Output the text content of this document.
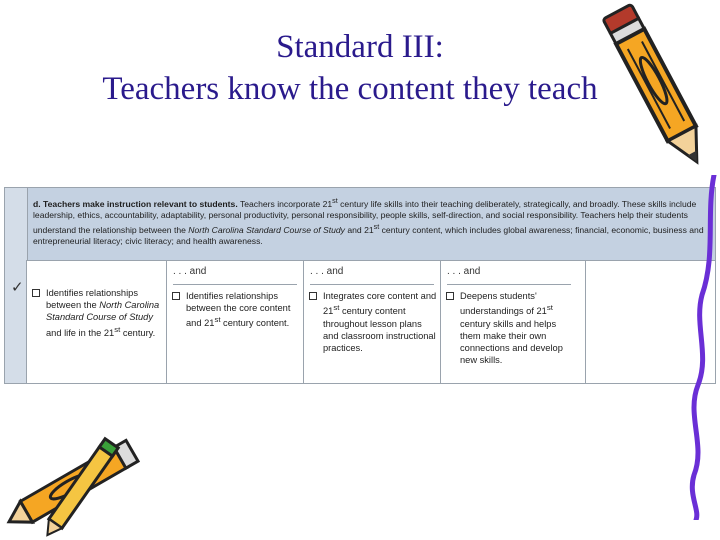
Standard III:
Teachers know the content they teach

d. Teachers make instruction relevant to students. Teachers incorporate 21st century life skills into their teaching deliberately, strategically, and broadly. These skills include leadership, ethics, accountability, adaptability, personal productivity, personal responsibility, people skills, self-direction, and social responsibility. Teachers help their students understand the relationship between the North Carolina Standard Course of Study and 21st century content, which includes global awareness; financial, economic, business and entrepreneurial literacy; civic literacy; and health awareness.

✓	Identifies relationships between the North Carolina Standard Course of Study and life in the 21st century.
. . . and
Identifies relationships between the core content and 21st century content.
. . . and
Integrates core content and 21st century content throughout lesson plans and classroom instructional practices.
. . . and
Deepens students' understandings of 21st century skills and helps them make their own connections and develop new skills.
